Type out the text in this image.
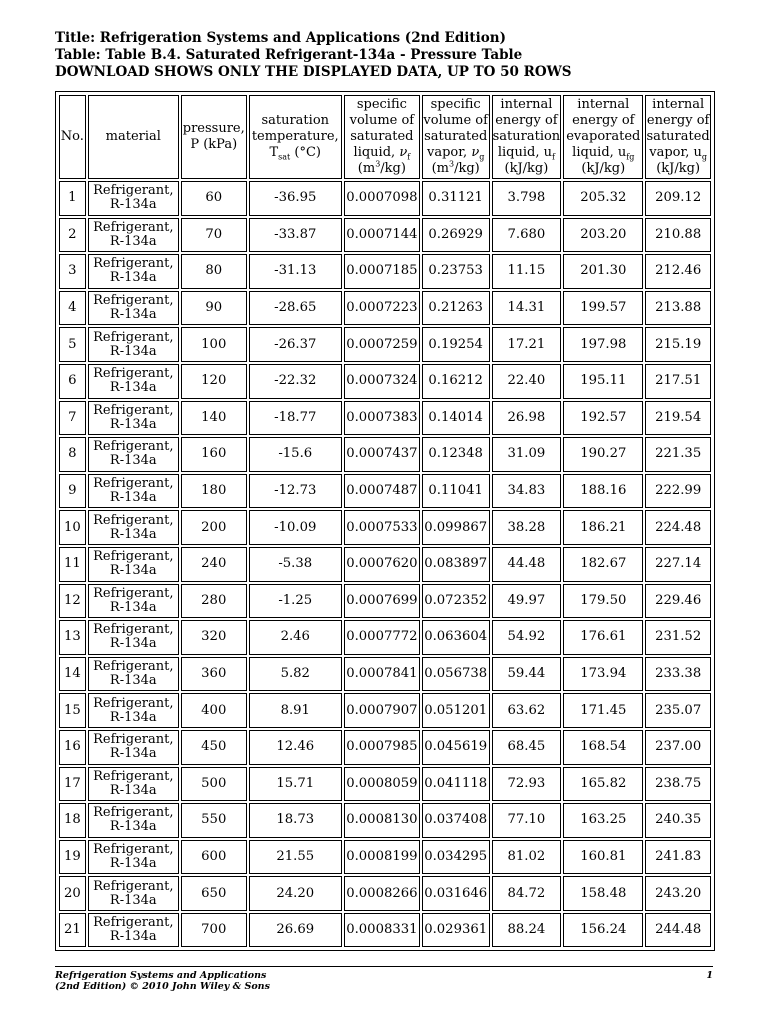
Title: Refrigeration Systems and Applications (2nd Edition)
Table: Table B.4. Saturated Refrigerant-134a - Pressure Table
DOWNLOAD SHOWS ONLY THE DISPLAYED DATA, UP TO 50 ROWS
No.	material	pressure,
P (kPa)	saturation
temperature,
$T_{sat}$ (°C)	specific
volume of
saturated
liquid, $\nu_f$
$(m^3/kg)$	specific
volume of
saturated
vapor, $\nu_g$
$(m^3/kg)$	internal
energy of
saturation
liquid, $u_f$
(kJ/kg)	internal
energy of
evaporated
liquid, $u_{fg}$
(kJ/kg)	internal
energy of
saturated
vapor, $u_g$
(kJ/kg)
1	Refrigerant,
R-134a	60	-36.95	0.0007098	0.31121	3.798	205.32	209.12
2	Refrigerant,
R-134a	70	-33.87	0.0007144	0.26929	7.680	203.20	210.88
3	Refrigerant,
R-134a	80	-31.13	0.0007185	0.23753	11.15	201.30	212.46
4	Refrigerant,
R-134a	90	-28.65	0.0007223	0.21263	14.31	199.57	213.88
5	Refrigerant,
R-134a	100	-26.37	0.0007259	0.19254	17.21	197.98	215.19
6	Refrigerant,
R-134a	120	-22.32	0.0007324	0.16212	22.40	195.11	217.51
7	Refrigerant,
R-134a	140	-18.77	0.0007383	0.14014	26.98	192.57	219.54
8	Refrigerant,
R-134a	160	-15.6	0.0007437	0.12348	31.09	190.27	221.35
9	Refrigerant,
R-134a	180	-12.73	0.0007487	0.11041	34.83	188.16	222.99
10	Refrigerant,
R-134a	200	-10.09	0.0007533	0.099867	38.28	186.21	224.48
11	Refrigerant,
R-134a	240	-5.38	0.0007620	0.083897	44.48	182.67	227.14
12	Refrigerant,
R-134a	280	-1.25	0.0007699	0.072352	49.97	179.50	229.46
13	Refrigerant,
R-134a	320	2.46	0.0007772	0.063604	54.92	176.61	231.52
14	Refrigerant,
R-134a	360	5.82	0.0007841	0.056738	59.44	173.94	233.38
15	Refrigerant,
R-134a	400	8.91	0.0007907	0.051201	63.62	171.45	235.07
16	Refrigerant,
R-134a	450	12.46	0.0007985	0.045619	68.45	168.54	237.00
17	Refrigerant,
R-134a	500	15.71	0.0008059	0.041118	72.93	165.82	238.75
18	Refrigerant,
R-134a	550	18.73	0.0008130	0.037408	77.10	163.25	240.35
19	Refrigerant,
R-134a	600	21.55	0.0008199	0.034295	81.02	160.81	241.83
20	Refrigerant,
R-134a	650	24.20	0.0008266	0.031646	84.72	158.48	243.20
21	Refrigerant,
R-134a	700	26.69	0.0008331	0.029361	88.24	156.24	244.48
Refrigeration Systems and Applications
(2nd Edition) © 2010 John Wiley & Sons
1
